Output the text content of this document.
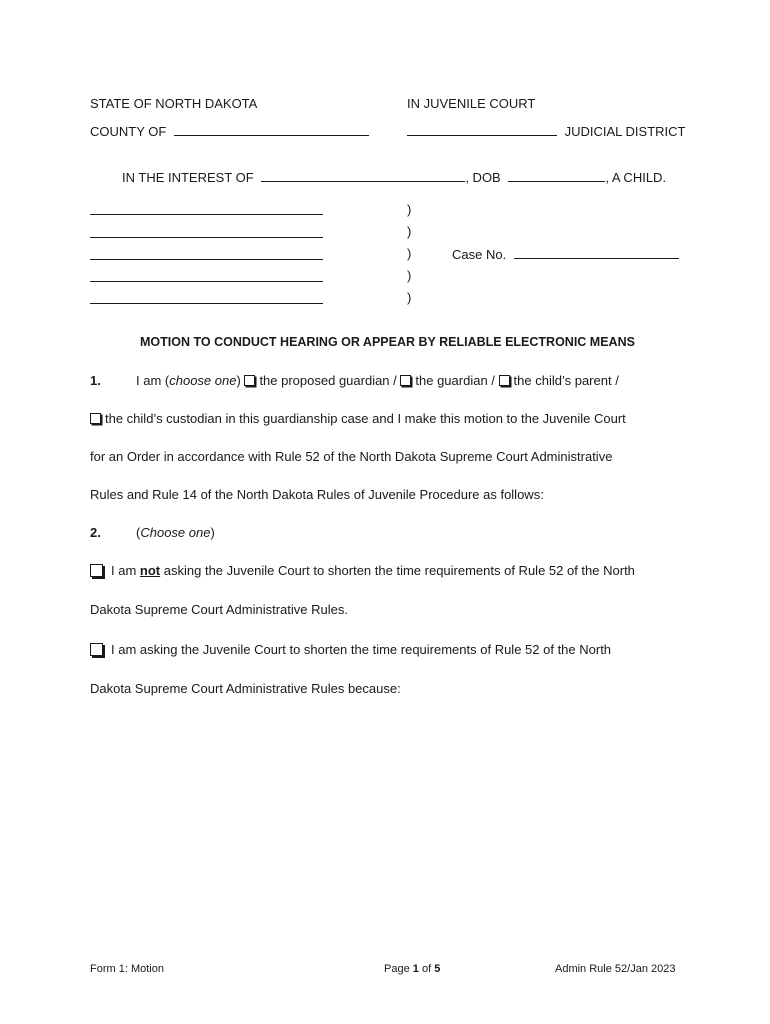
STATE OF NORTH DAKOTA	IN JUVENILE COURT
COUNTY OF	JUDICIAL DISTRICT
IN THE INTEREST OF	, DOB	, A CHILD.
)
)
)
)
)
Case No.
MOTION TO CONDUCT HEARING OR APPEAR BY RELIABLE ELECTRONIC MEANS
1.	I am (choose one) the proposed guardian / the guardian / the child’s parent /
the child’s custodian in this guardianship case and I make this motion to the Juvenile Court
for an Order in accordance with Rule 52 of the North Dakota Supreme Court Administrative
Rules and Rule 14 of the North Dakota Rules of Juvenile Procedure as follows:
2.	(Choose one)
I am not asking the Juvenile Court to shorten the time requirements of Rule 52 of the North
Dakota Supreme Court Administrative Rules.
I am asking the Juvenile Court to shorten the time requirements of Rule 52 of the North
Dakota Supreme Court Administrative Rules because:
Form 1: Motion	Page 1 of 5	Admin Rule 52/Jan 2023
